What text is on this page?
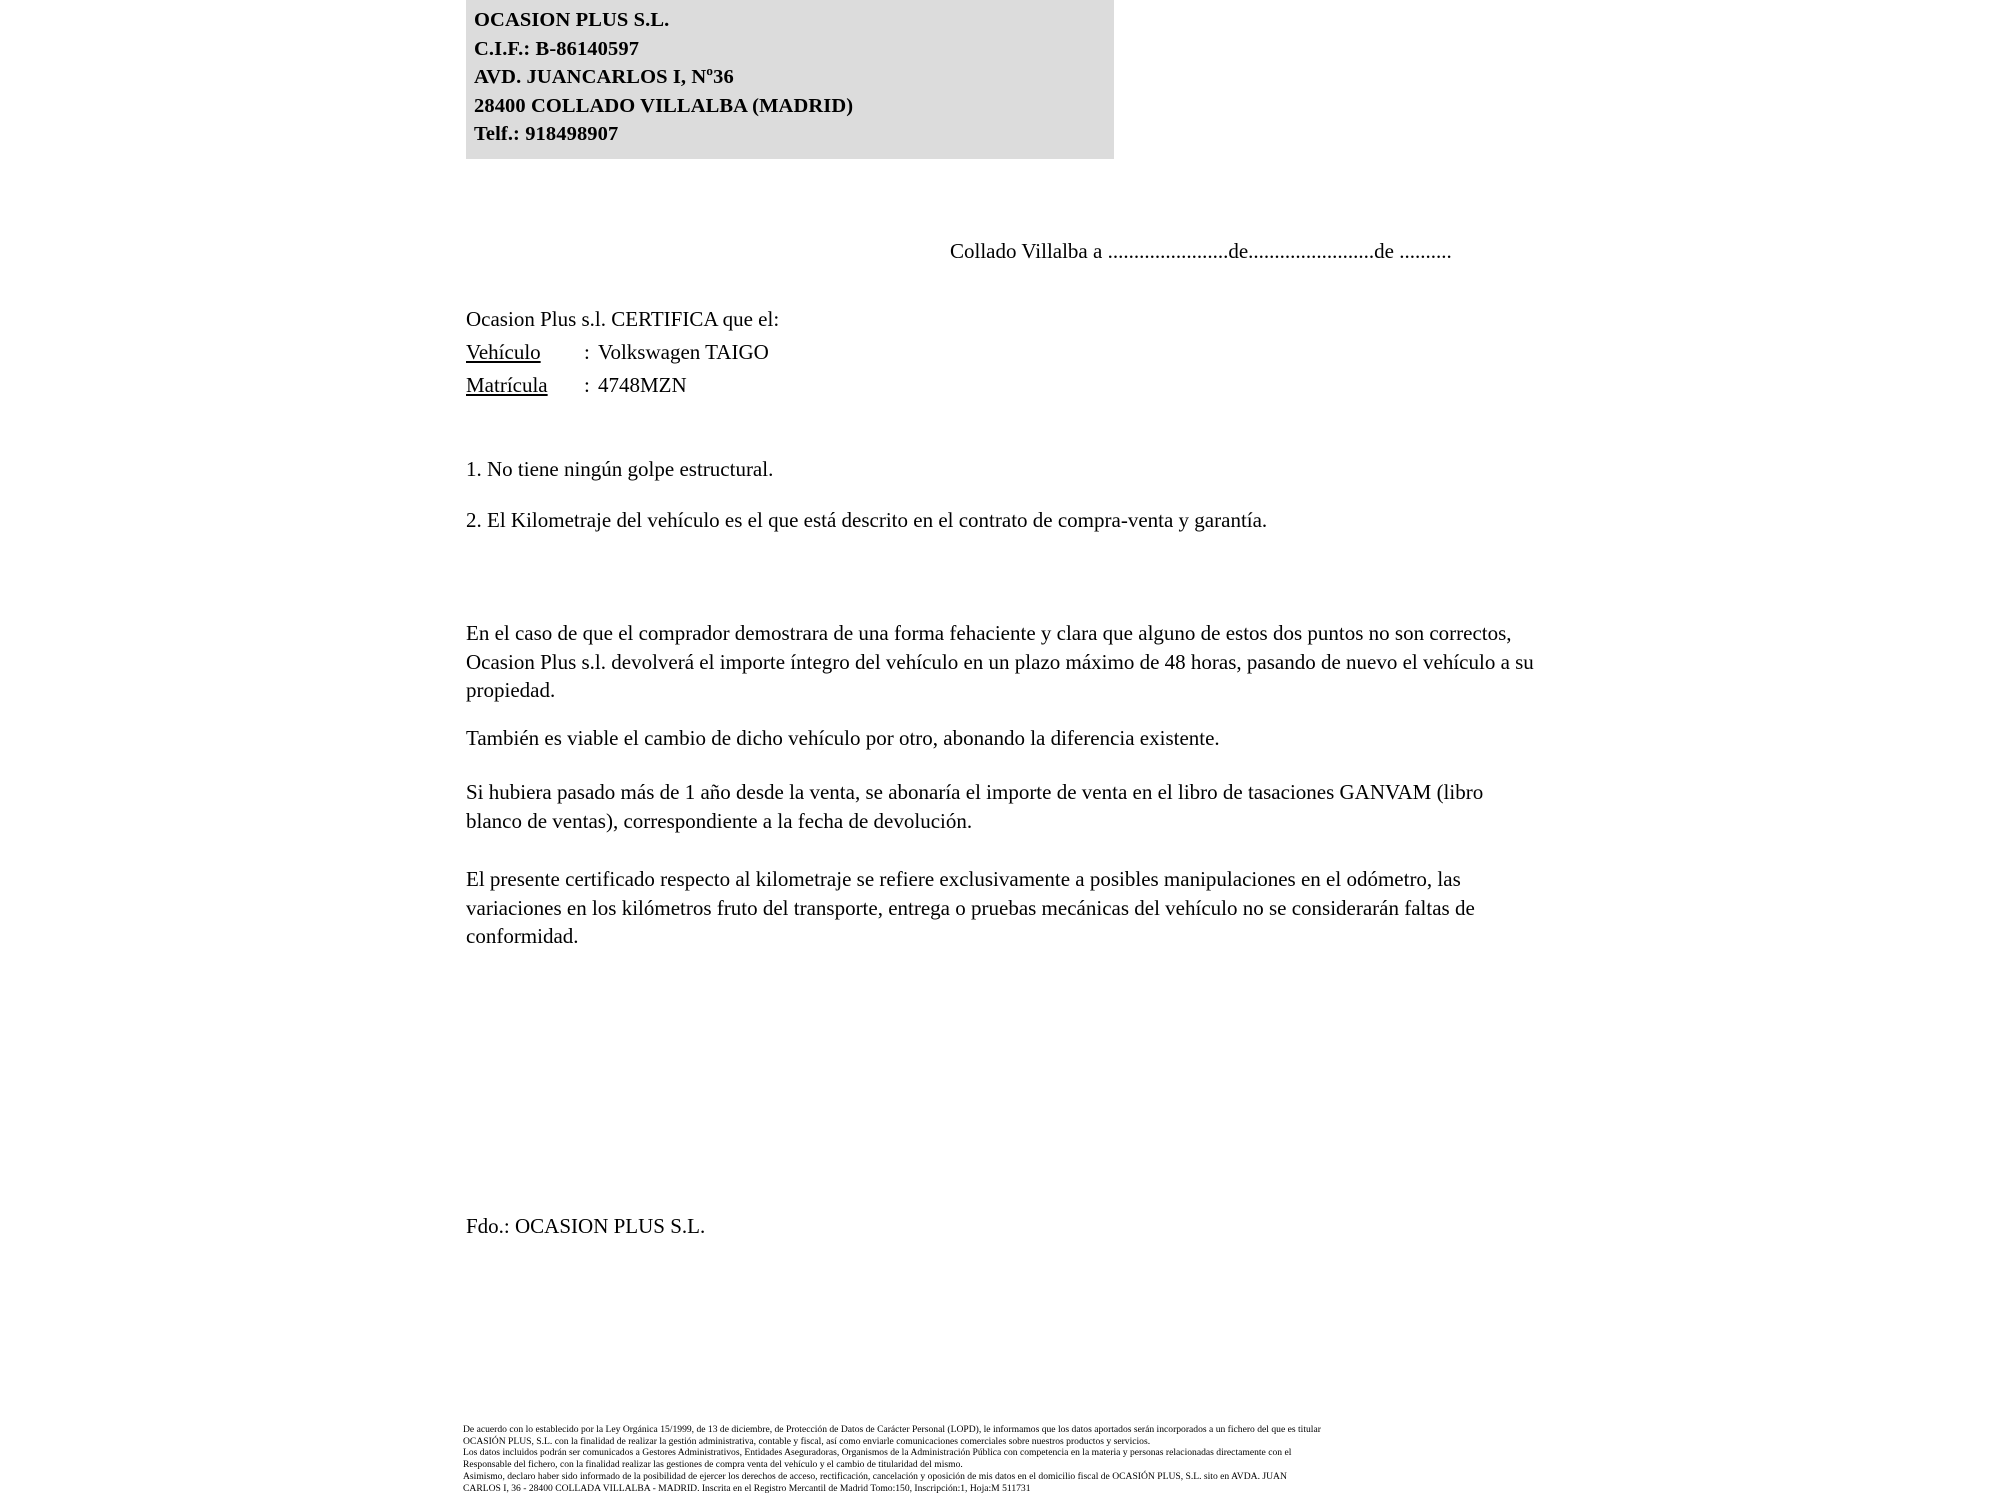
OCASION PLUS S.L.
C.I.F.: B-86140597
AVD. JUANCARLOS I, Nº36
28400 COLLADO VILLALBA (MADRID)
Telf.: 918498907
Collado Villalba a .......................de........................de ..........
Ocasion Plus s.l. CERTIFICA que el:
Vehículo : Volkswagen TAIGO
Matrícula : 4748MZN
1. No tiene ningún golpe estructural.
2. El Kilometraje del vehículo es el que está descrito en el contrato de compra-venta y garantía.
En el caso de que el comprador demostrara de una forma fehaciente y clara que alguno de estos dos puntos no son correctos, Ocasion Plus s.l. devolverá el importe íntegro del vehículo en un plazo máximo de 48 horas, pasando de nuevo el vehículo a su propiedad.
También es viable el cambio de dicho vehículo por otro, abonando la diferencia existente.
Si hubiera pasado más de 1 año desde la venta, se abonaría el importe de venta en el libro de tasaciones GANVAM (libro blanco de ventas), correspondiente a la fecha de devolución.
El presente certificado respecto al kilometraje se refiere exclusivamente a posibles manipulaciones en el odómetro, las variaciones en los kilómetros fruto del transporte, entrega o pruebas mecánicas del vehículo no se considerarán faltas de conformidad.
Fdo.: OCASION PLUS S.L.

De acuerdo con lo establecido por la Ley Orgánica 15/1999, de 13 de diciembre, de Protección de Datos de Carácter Personal (LOPD), le informamos que los datos aportados serán incorporados a un fichero del que es titular

OCASIÓN PLUS, S.L. con la finalidad de realizar la gestión administrativa, contable y fiscal, así como enviarle comunicaciones comerciales sobre nuestros productos y servicios.

Los datos incluidos podrán ser comunicados a Gestores Administrativos, Entidades Aseguradoras, Organismos de la Administración Pública con competencia en la materia y personas relacionadas directamente con el

Responsable del fichero, con la finalidad realizar las gestiones de compra venta del vehículo y el cambio de titularidad del mismo.

Asimismo, declaro haber sido informado de la posibilidad de ejercer los derechos de acceso, rectificación, cancelación y oposición de mis datos en el domicilio fiscal de OCASIÓN PLUS, S.L. sito en AVDA. JUAN

CARLOS I, 36 - 28400 COLLADA VILLALBA - MADRID. Inscrita en el Registro Mercantil de Madrid Tomo:150, Inscripción:1, Hoja:M 511731
